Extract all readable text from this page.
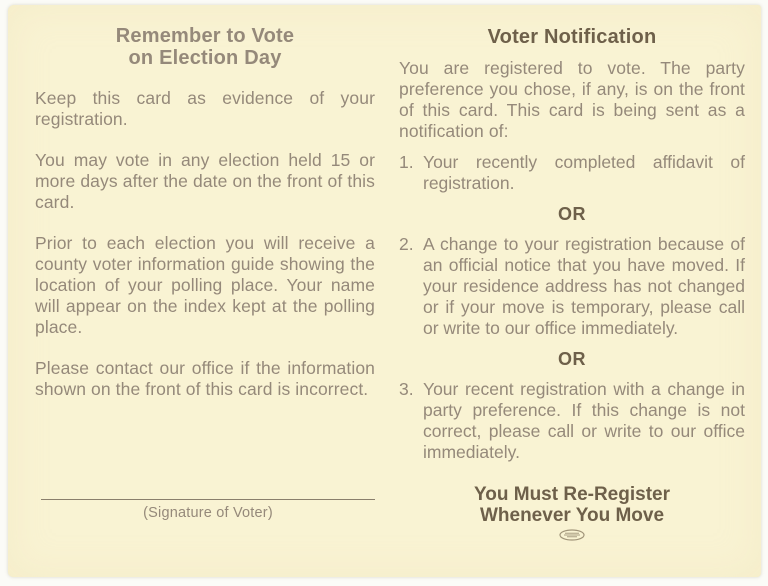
Remember to Vote
on Election Day

Keep this card as evidence of your registration.

You may vote in any election held 15 or more days after the date on the front of this card.

Prior to each election you will receive a county voter information guide showing the location of your polling place. Your name will appear on the index kept at the polling place.

Please contact our office if the information shown on the front of this card is incorrect.

(Signature of Voter)
Voter Notification

You are registered to vote. The party preference you chose, if any, is on the front of this card. This card is being sent as a notification of:

1. Your recently completed affidavit of registration.
OR
2. A change to your registration because of an official notice that you have moved. If your residence address has not changed or if your move is temporary, please call or write to our office immediately.
OR
3. Your recent registration with a change in party preference. If this change is not correct, please call or write to our office immediately.
You Must Re-Register
Whenever You Move
